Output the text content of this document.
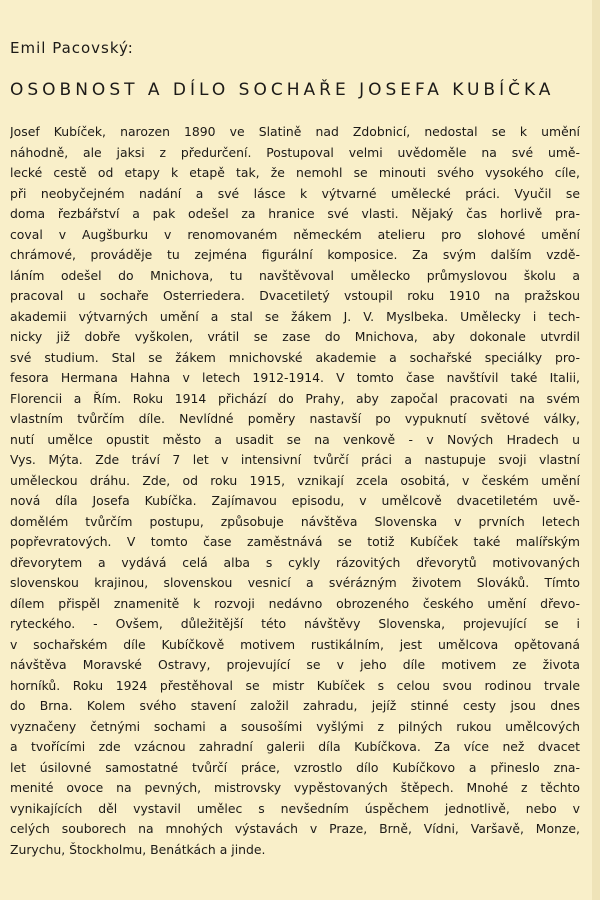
Emil Pacovský:
OSOBNOST A DÍLO SOCHAŘE JOSEFA KUBÍČKA
Josef Kubíček, narozen 1890 ve Slatině nad Zdobnicí, nedostal se k umění
náhodně, ale jaksi z předurčení. Postupoval velmi uvědoměle na své umě-
lecké cestě od etapy k etapě tak, že nemohl se minouti svého vysokého cíle,
při neobyčejném nadání a své lásce k výtvarné umělecké práci. Vyučil se
doma řezbářství a pak odešel za hranice své vlasti. Nějaký čas horlivě pra-
coval v Augšburku v renomovaném německém atelieru pro slohové umění
chrámové, prováděje tu zejména figurální komposice. Za svým dalším vzdě-
láním odešel do Mnichova, tu navštěvoval umělecko průmyslovou školu a
pracoval u sochaře Osterriedera. Dvacetiletý vstoupil roku 1910 na pražskou
akademii výtvarných umění a stal se žákem J. V. Myslbeka. Umělecky i tech-
nicky již dobře vyškolen, vrátil se zase do Mnichova, aby dokonale utvrdil
své studium. Stal se žákem mnichovské akademie a sochařské speciálky pro-
fesora Hermana Hahna v letech 1912-1914. V tomto čase navštívil také Italii,
Florencii a Řím. Roku 1914 přichází do Prahy, aby započal pracovati na svém
vlastním tvůrčím díle. Nevlídné poměry nastavší po vypuknutí světové války,
nutí umělce opustit město a usadit se na venkově - v Nových Hradech u
Vys. Mýta. Zde tráví 7 let v intensivní tvůrčí práci a nastupuje svoji vlastní
uměleckou dráhu. Zde, od roku 1915, vznikají zcela osobitá, v českém umění
nová díla Josefa Kubíčka. Zajímavou episodu, v umělcově dvacetiletém uvě-
domělém tvůrčím postupu, způsobuje návštěva Slovenska v prvních letech
popřevratových. V tomto čase zaměstnává se totiž Kubíček také malířským
dřevorytem a vydává celá alba s cykly rázovitých dřevorytů motivovaných
slovenskou krajinou, slovenskou vesnicí a svérázným životem Slováků. Tímto
dílem přispěl znamenitě k rozvoji nedávno obrozeného českého umění dřevo-
ryteckého. - Ovšem, důležitější této návštěvy Slovenska, projevující se i
v sochařském díle Kubíčkově motivem rustikálním, jest umělcova opětovaná
návštěva Moravské Ostravy, projevující se v jeho díle motivem ze života
horníků. Roku 1924 přestěhoval se mistr Kubíček s celou svou rodinou trvale
do Brna. Kolem svého stavení založil zahradu, jejíž stinné cesty jsou dnes
vyznačeny četnými sochami a sousošími vyšlými z pilných rukou umělcových
a tvořícími zde vzácnou zahradní galerii díla Kubíčkova. Za více než dvacet
let úsilovné samostatné tvůrčí práce, vzrostlo dílo Kubíčkovo a přineslo zna-
menité ovoce na pevných, mistrovsky vypěstovaných štěpech. Mnohé z těchto
vynikajících děl vystavil umělec s nevšedním úspěchem jednotlivě, nebo v
celých souborech na mnohých výstavách v Praze, Brně, Vídni, Varšavě, Monze,
Zurychu, Štockholmu, Benátkách a jinde.
